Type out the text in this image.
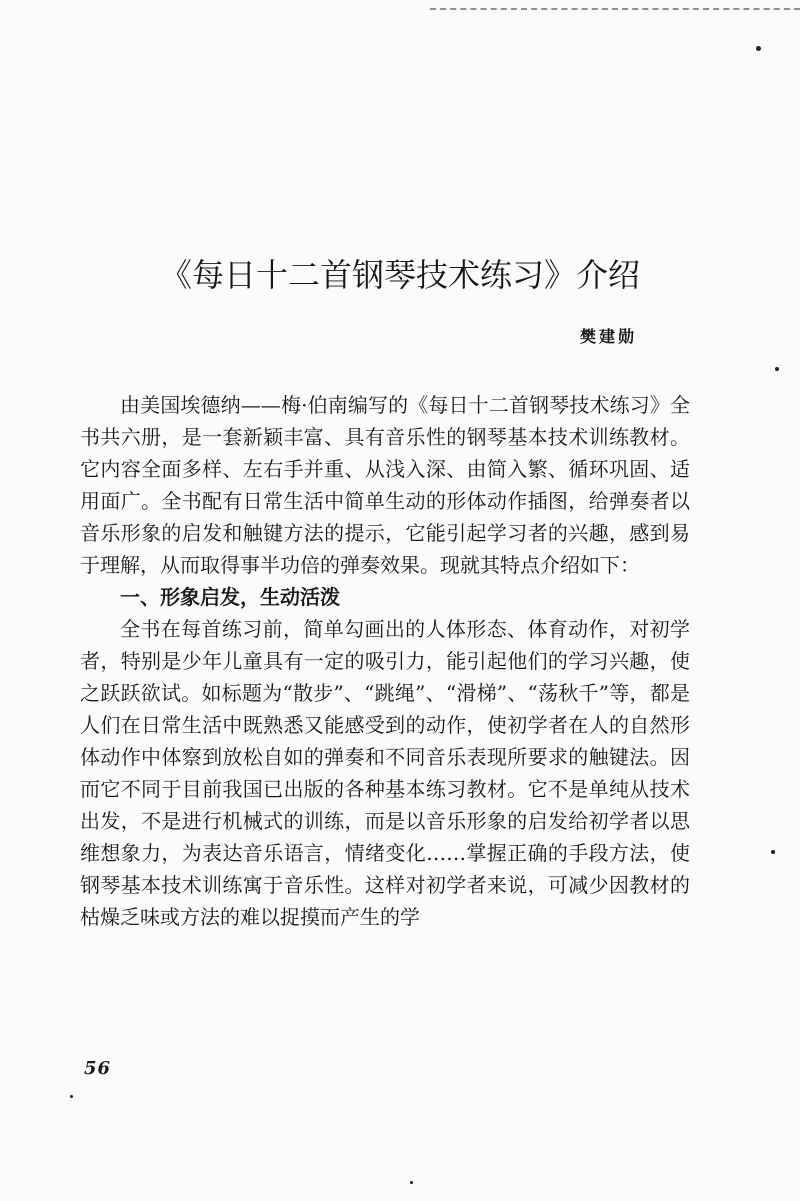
《每日十二首钢琴技术练习》介绍
樊建勋

由美国埃德纳——梅·伯南编写的《每日十二首钢琴技术练习》全书共六册，是一套新颖丰富、具有音乐性的钢琴基本技术训练教材。它内容全面多样、左右手并重、从浅入深、由简入繁、循环巩固、适用面广。全书配有日常生活中简单生动的形体动作插图，给弹奏者以音乐形象的启发和触键方法的提示，它能引起学习者的兴趣，感到易于理解，从而取得事半功倍的弹奏效果。现就其特点介绍如下：

一、形象启发，生动活泼

全书在每首练习前，简单勾画出的人体形态、体育动作，对初学者，特别是少年儿童具有一定的吸引力，能引起他们的学习兴趣，使之跃跃欲试。如标题为“散步”、“跳绳”、“滑梯”、“荡秋千”等，都是人们在日常生活中既熟悉又能感受到的动作，使初学者在人的自然形体动作中体察到放松自如的弹奏和不同音乐表现所要求的触键法。因而它不同于目前我国已出版的各种基本练习教材。它不是单纯从技术出发，不是进行机械式的训练，而是以音乐形象的启发给初学者以思维想象力，为表达音乐语言，情绪变化……掌握正确的手段方法，使钢琴基本技术训练寓于音乐性。这样对初学者来说，可减少因教材的枯燥乏味或方法的难以捉摸而产生的学

56
